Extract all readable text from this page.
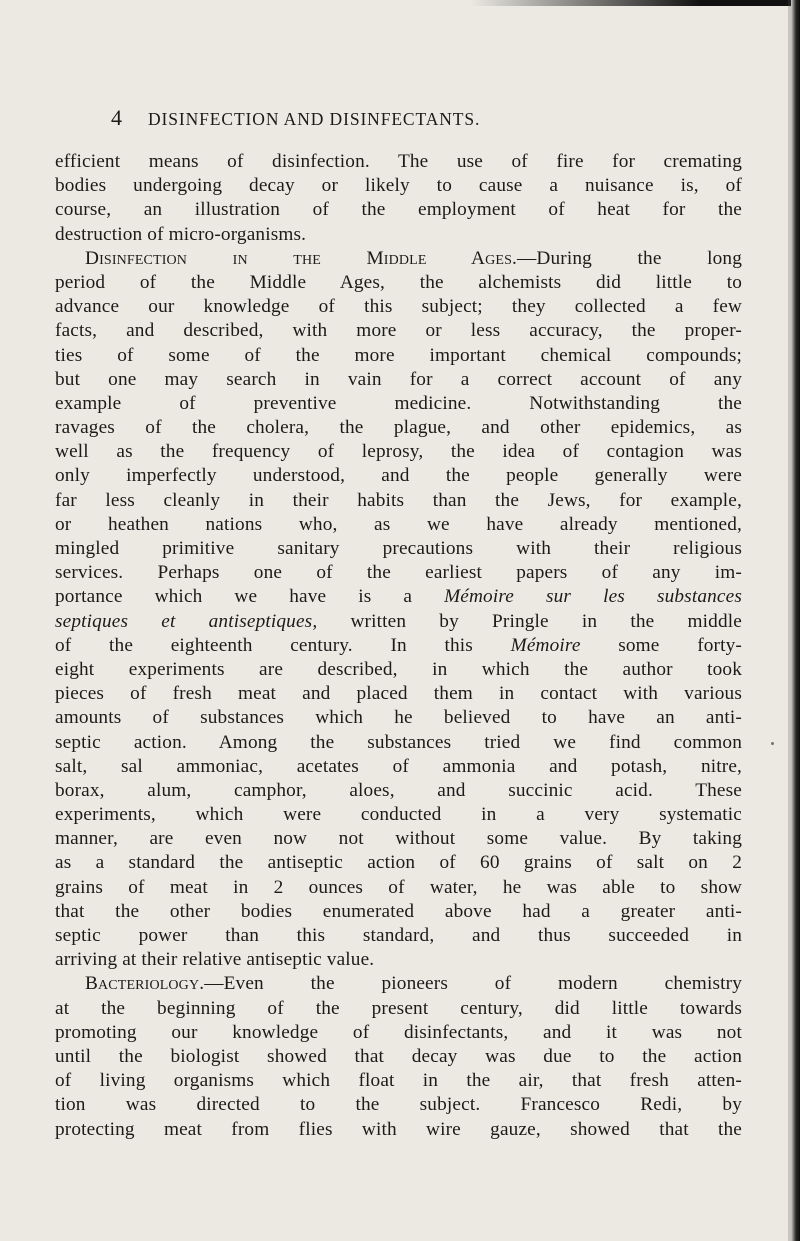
4 DISINFECTION AND DISINFECTANTS.
efficient means of disinfection. The use of fire for cremating
bodies undergoing decay or likely to cause a nuisance is, of
course, an illustration of the employment of heat for the
destruction of micro-organisms.
Disinfection in the Middle Ages.—During the long
period of the Middle Ages, the alchemists did little to
advance our knowledge of this subject; they collected a few
facts, and described, with more or less accuracy, the proper-
ties of some of the more important chemical compounds;
but one may search in vain for a correct account of any
example of preventive medicine. Notwithstanding the
ravages of the cholera, the plague, and other epidemics, as
well as the frequency of leprosy, the idea of contagion was
only imperfectly understood, and the people generally were
far less cleanly in their habits than the Jews, for example,
or heathen nations who, as we have already mentioned,
mingled primitive sanitary precautions with their religious
services. Perhaps one of the earliest papers of any im-
portance which we have is a Mémoire sur les substances
septiques et antiseptiques, written by Pringle in the middle
of the eighteenth century. In this Mémoire some forty-
eight experiments are described, in which the author took
pieces of fresh meat and placed them in contact with various
amounts of substances which he believed to have an anti-
septic action. Among the substances tried we find common
salt, sal ammoniac, acetates of ammonia and potash, nitre,
borax, alum, camphor, aloes, and succinic acid. These
experiments, which were conducted in a very systematic
manner, are even now not without some value. By taking
as a standard the antiseptic action of 60 grains of salt on 2
grains of meat in 2 ounces of water, he was able to show
that the other bodies enumerated above had a greater anti-
septic power than this standard, and thus succeeded in
arriving at their relative antiseptic value.
Bacteriology.—Even the pioneers of modern chemistry
at the beginning of the present century, did little towards
promoting our knowledge of disinfectants, and it was not
until the biologist showed that decay was due to the action
of living organisms which float in the air, that fresh atten-
tion was directed to the subject. Francesco Redi, by
protecting meat from flies with wire gauze, showed that the
